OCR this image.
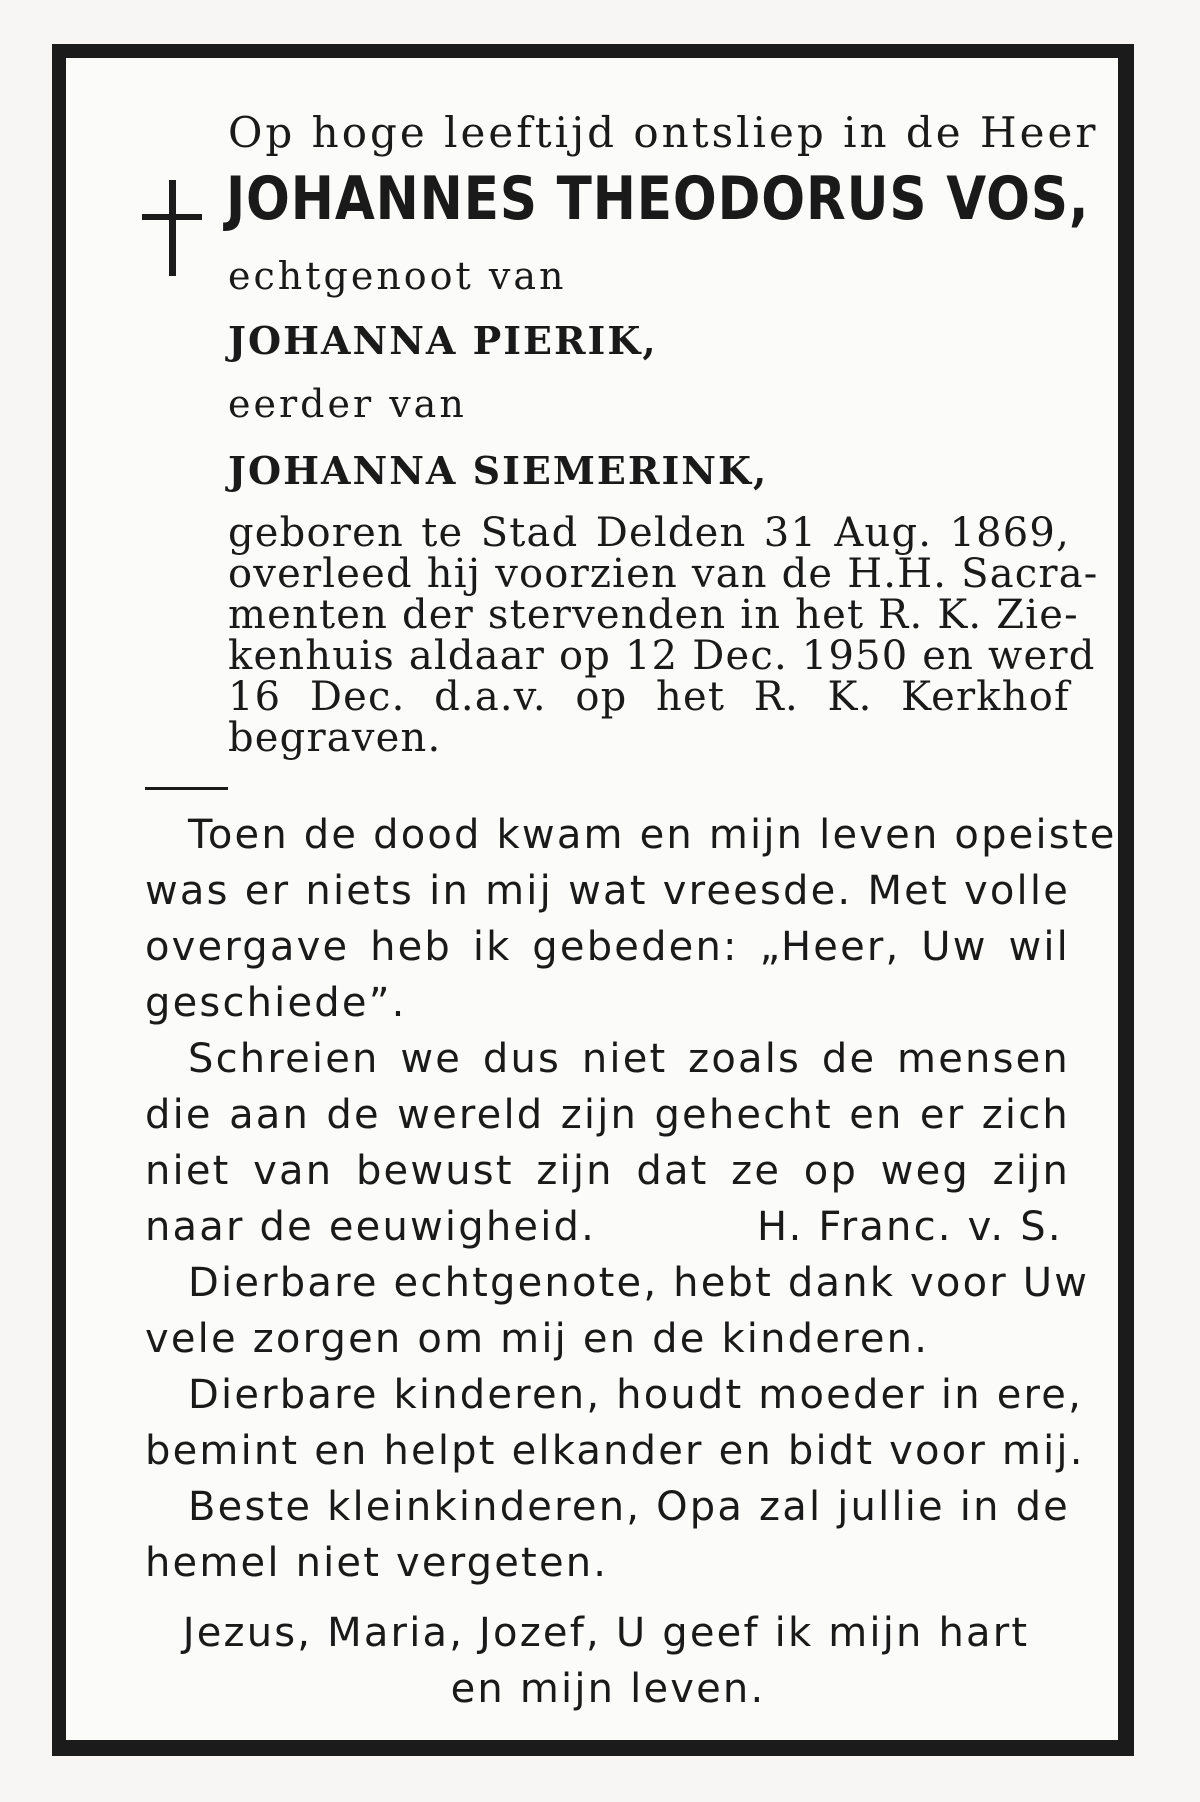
Op hoge leeftijd ontsliep in de Heer
JOHANNES THEODORUS VOS,
echtgenoot van
JOHANNA PIERIK,
eerder van
JOHANNA SIEMERINK,
geboren te Stad Delden 31 Aug. 1869,
overleed hij voorzien van de H.H. Sacra-
menten der stervenden in het R. K. Zie-
kenhuis aldaar op 12 Dec. 1950 en werd
16 Dec. d.a.v. op het R. K. Kerkhof
begraven.
Toen de dood kwam en mijn leven opeiste
was er niets in mij wat vreesde. Met volle
overgave heb ik gebeden: „Heer, Uw wil
geschiede”.
Schreien we dus niet zoals de mensen
die aan de wereld zijn gehecht en er zich
niet van bewust zijn dat ze op weg zijn
naar de eeuwigheid.	H. Franc. v. S.
Dierbare echtgenote, hebt dank voor Uw
vele zorgen om mij en de kinderen.
Dierbare kinderen, houdt moeder in ere,
bemint en helpt elkander en bidt voor mij.
Beste kleinkinderen, Opa zal jullie in de
hemel niet vergeten.
Jezus, Maria, Jozef, U geef ik mijn hart
en mijn leven.
